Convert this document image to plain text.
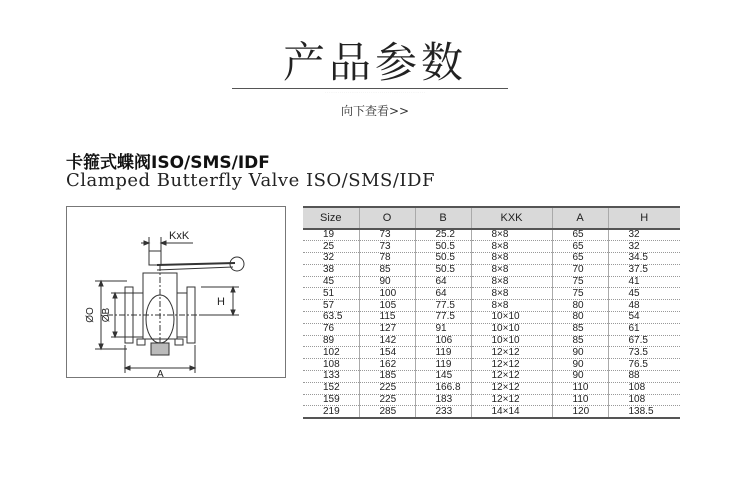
产品参数
· · · · · · · · · · · · · · · · · · · · · · · · · · · · · · · · · · · · · · · · · · · · · · · · · · · · ·
向下查看>>
卡箍式蝶阀ISO/SMS/IDF
Clamped Butterfly Valve ISO/SMS/IDF
KxK
H
ØO ØB
A
Size	O	B	KXK	A	H
19	73	25.2	8×8	65	32
25	73	50.5	8×8	65	32
32	78	50.5	8×8	65	34.5
38	85	50.5	8×8	70	37.5
45	90	64	8×8	75	41
51	100	64	8×8	75	45
57	105	77.5	8×8	80	48
63.5	115	77.5	10×10	80	54
76	127	91	10×10	85	61
89	142	106	10×10	85	67.5
102	154	119	12×12	90	73.5
108	162	119	12×12	90	76.5
133	185	145	12×12	90	88
152	225	166.8	12×12	110	108
159	225	183	12×12	110	108
219	285	233	14×14	120	138.5
